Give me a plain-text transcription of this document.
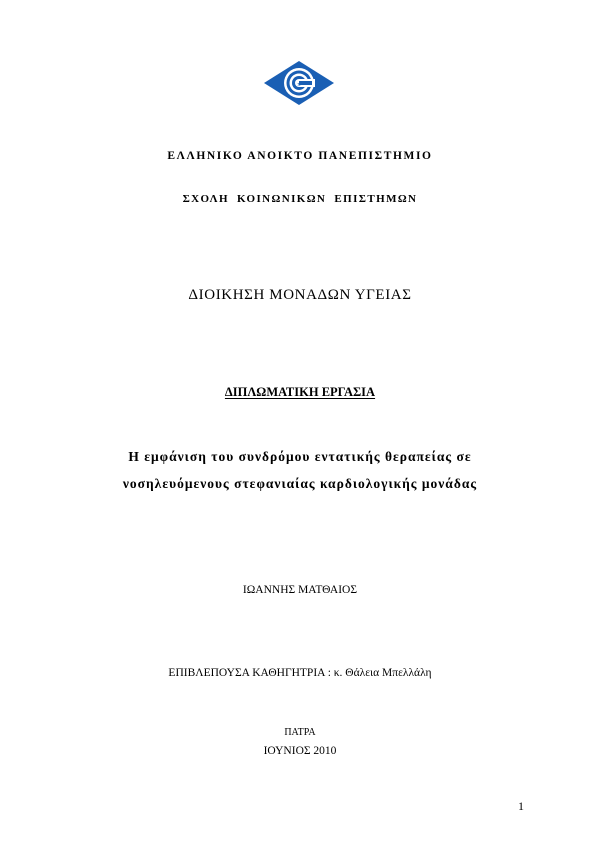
π
ΕΛΛΗΝΙΚΟ ΑΝΟΙΚΤΟ ΠΑΝΕΠΙΣΤΗΜΙΟ
ΣΧΟΛΗ ΚΟΙΝΩΝΙΚΩΝ ΕΠΙΣΤΗΜΩΝ
ΔΙΟΙΚΗΣΗ ΜΟΝΑΔΩΝ ΥΓΕΙΑΣ
ΔΙΠΛΩΜΑΤΙΚΗ ΕΡΓΑΣΙΑ
Η εμφάνιση του συνδρόμου εντατικής θεραπείας σε
νοσηλευόμενους στεφανιαίας καρδιολογικής μονάδας
ΙΩΑΝΝΗΣ ΜΑΤΘΑΙΟΣ
ΕΠΙΒΛΕΠΟΥΣΑ ΚΑΘΗΓΗΤΡΙΑ : κ. Θάλεια Μπελλάλη
ΠΑΤΡΑ
ΙΟΥΝΙΟΣ 2010
1
